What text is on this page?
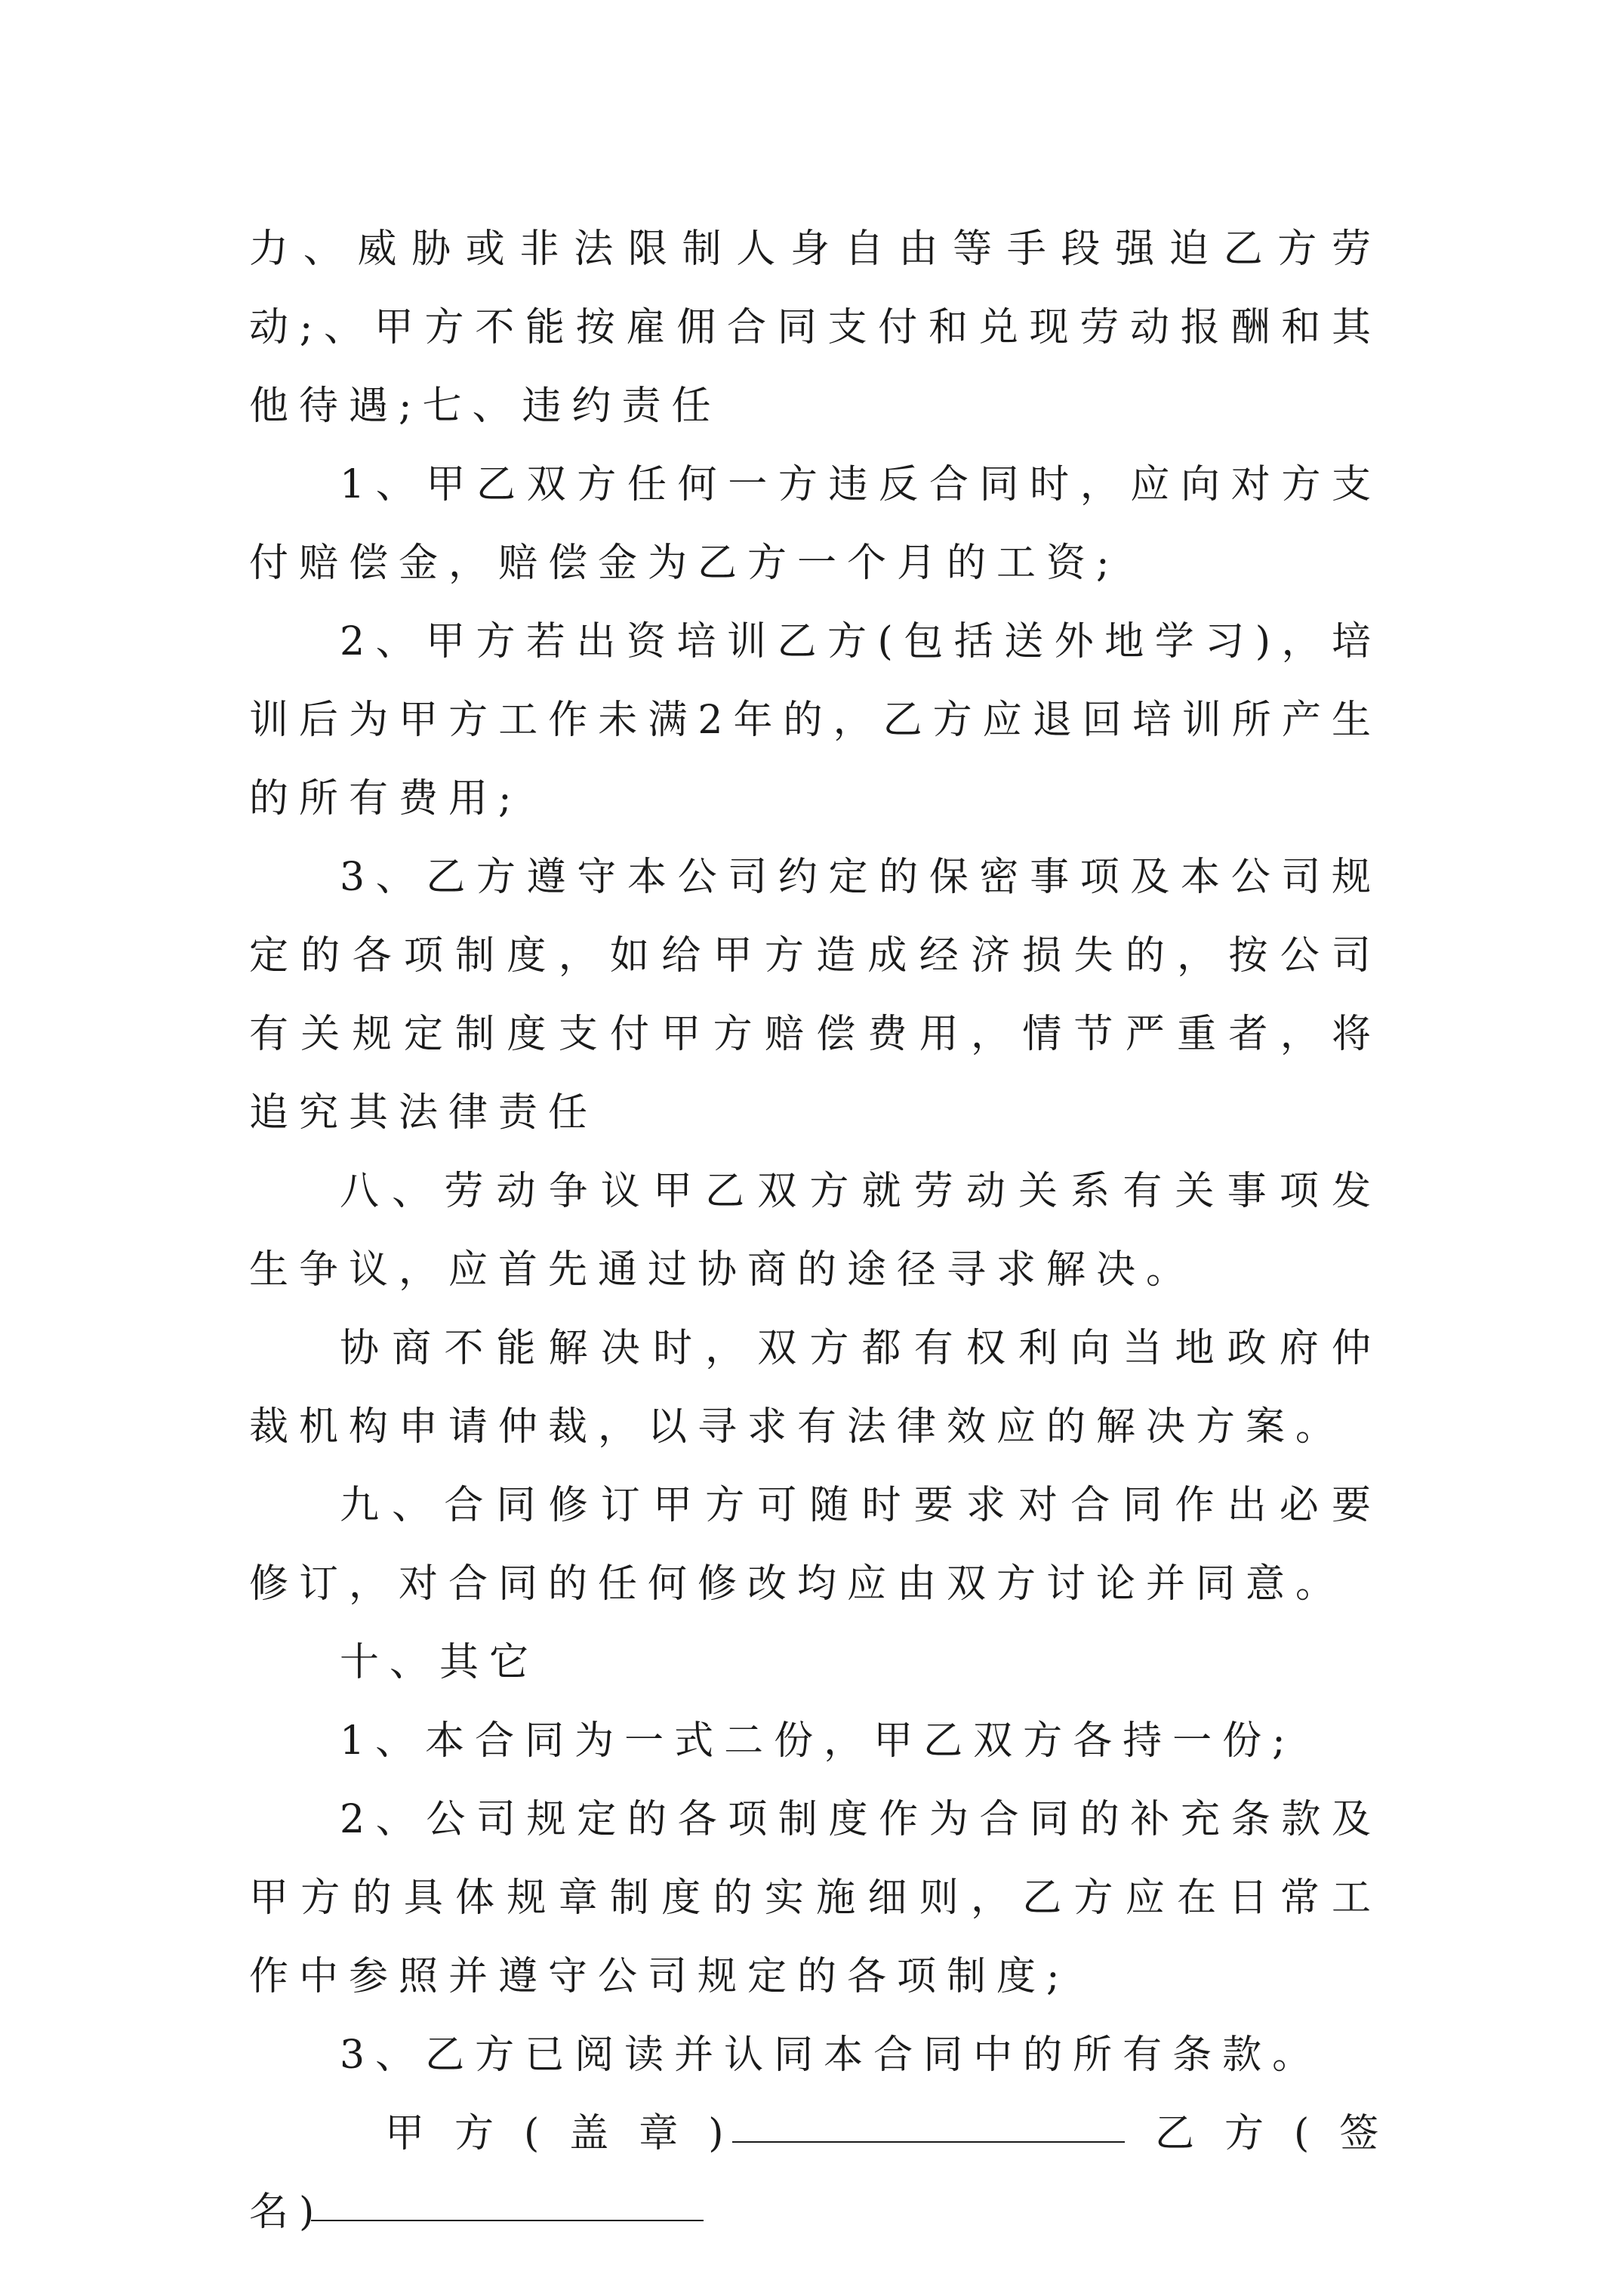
力、威胁或非法限制人身自由等手段强迫乙方劳动;、甲方不能按雇佣合同支付和兑现劳动报酬和其他待遇;七、违约责任

1、甲乙双方任何一方违反合同时，应向对方支付赔偿金，赔偿金为乙方一个月的工资;

2、甲方若出资培训乙方(包括送外地学习)，培训后为甲方工作未满2年的，乙方应退回培训所产生的所有费用;

3、乙方遵守本公司约定的保密事项及本公司规定的各项制度，如给甲方造成经济损失的，按公司有关规定制度支付甲方赔偿费用，情节严重者，将追究其法律责任

八、劳动争议甲乙双方就劳动关系有关事项发生争议，应首先通过协商的途径寻求解决。

协商不能解决时，双方都有权利向当地政府仲裁机构申请仲裁，以寻求有法律效应的解决方案。

九、合同修订甲方可随时要求对合同作出必要修订，对合同的任何修改均应由双方讨论并同意。

十、其它

1、本合同为一式二份，甲乙双方各持一份;

2、公司规定的各项制度作为合同的补充条款及甲方的具体规章制度的实施细则，乙方应在日常工作中参照并遵守公司规定的各项制度;

3、乙方已阅读并认同本合同中的所有条款。

甲方(盖章)	乙方(签
名)
